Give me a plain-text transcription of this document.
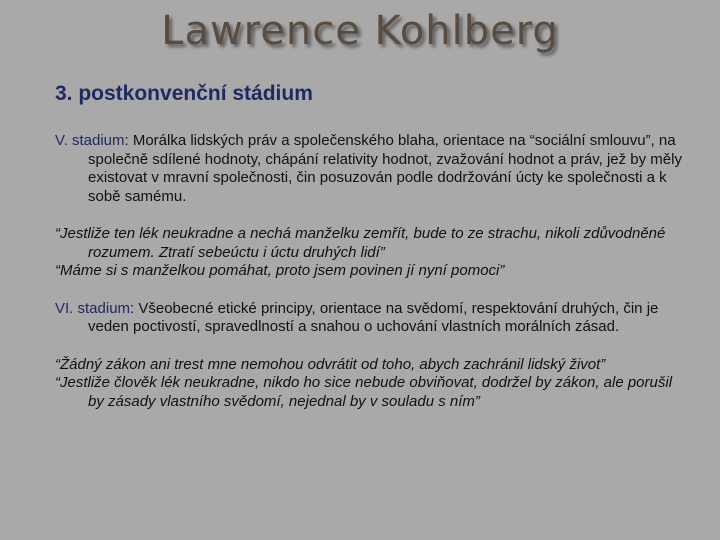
Lawrence Kohlberg
3. postkonvenční stádium

V. stadium: Morálka lidských práv a společenského blaha, orientace na “sociální smlouvu”, na společně sdílené hodnoty, chápání relativity hodnot, zvažování hodnot a práv, jež by měly existovat v mravní společnosti, čin posuzován podle dodržování úcty ke společnosti a k sobě samému.

“Jestliže ten lék neukradne a nechá manželku zemřít, bude to ze strachu, nikoli zdůvodněné rozumem. Ztratí sebeúctu i úctu druhých lidí”

“Máme si s manželkou pomáhat, proto jsem povinen jí nyní pomoci”

VI. stadium: Všeobecné etické principy, orientace na svědomí, respektování druhých, čin je veden poctivostí, spravedlností a snahou o uchování vlastních morálních zásad.

“Žádný zákon ani trest mne nemohou odvrátit od toho, abych zachránil lidský život”

“Jestliže člověk lék neukradne, nikdo ho sice nebude obviňovat, dodržel by zákon, ale porušil by zásady vlastního svědomí, nejednal by v souladu s ním”
